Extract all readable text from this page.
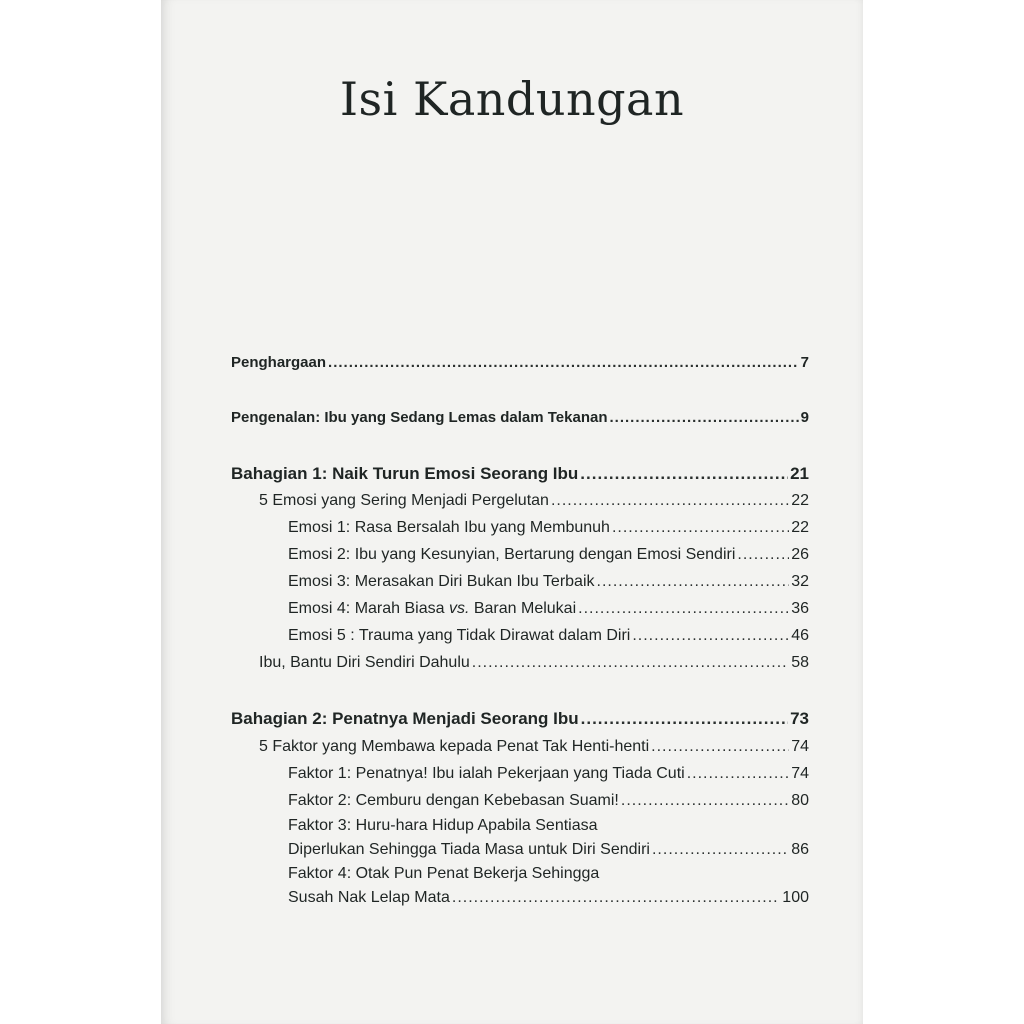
Isi Kandungan
Penghargaan .....	7
Pengenalan: Ibu yang Sedang Lemas dalam Tekanan .....	9
Bahagian 1: Naik Turun Emosi Seorang Ibu .....	21
5 Emosi yang Sering Menjadi Pergelutan .....	22
Emosi 1: Rasa Bersalah Ibu yang Membunuh .....	22
Emosi 2: Ibu yang Kesunyian, Bertarung dengan Emosi Sendiri .....	26
Emosi 3: Merasakan Diri Bukan Ibu Terbaik .....	32
Emosi 4: Marah Biasa vs. Baran Melukai .....	36
Emosi 5 : Trauma yang Tidak Dirawat dalam Diri .....	46
Ibu, Bantu Diri Sendiri Dahulu .....	58
Bahagian 2: Penatnya Menjadi Seorang Ibu .....	73
5 Faktor yang Membawa kepada Penat Tak Henti-henti .....	74
Faktor 1: Penatnya! Ibu ialah Pekerjaan yang Tiada Cuti .....	74
Faktor 2: Cemburu dengan Kebebasan Suami! .....	80
Faktor 3: Huru-hara Hidup Apabila Sentiasa
Diperlukan Sehingga Tiada Masa untuk Diri Sendiri .....	86
Faktor 4: Otak Pun Penat Bekerja Sehingga
Susah Nak Lelap Mata .....	100
